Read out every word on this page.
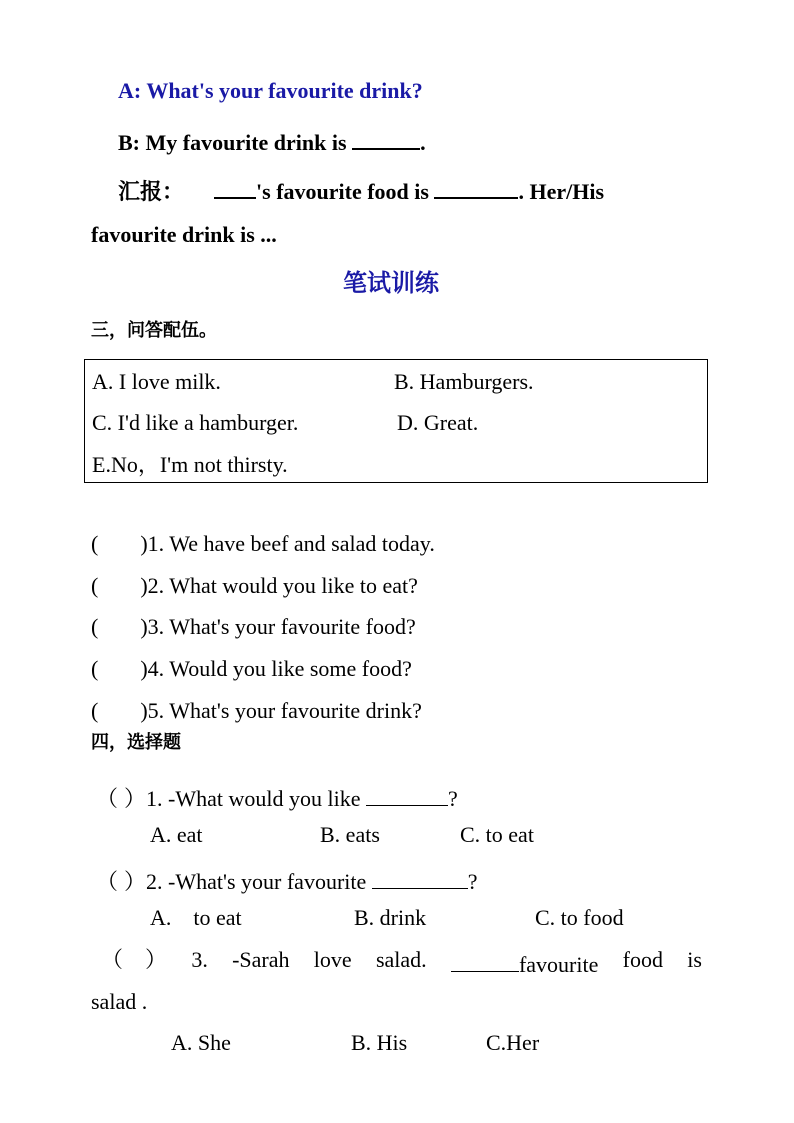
A: What's your favourite drink?
B: My favourite drink is	.
汇报：	's favourite food is	. Her/His
favourite drink is ...
笔试训练
三，问答配伍。
A. I love milk.	B. Hamburgers.
C. I'd like a hamburger.	D. Great.
E.No，I'm not thirsty.
( )1. We have beef and salad today.
( )2. What would you like to eat?
( )3. What's your favourite food?
( )4. Would you like some food?
( )5. What's your favourite drink?
四，选择题
（ ）1. -What would you like	?
A. eat	B. eats	C. to eat
（ ）2. -What's your favourite	?
A.    to eat	B. drink	C. to food
（ ） 3. -Sarah love salad.	favourite food is
salad .
A. She	B. His	C.Her
